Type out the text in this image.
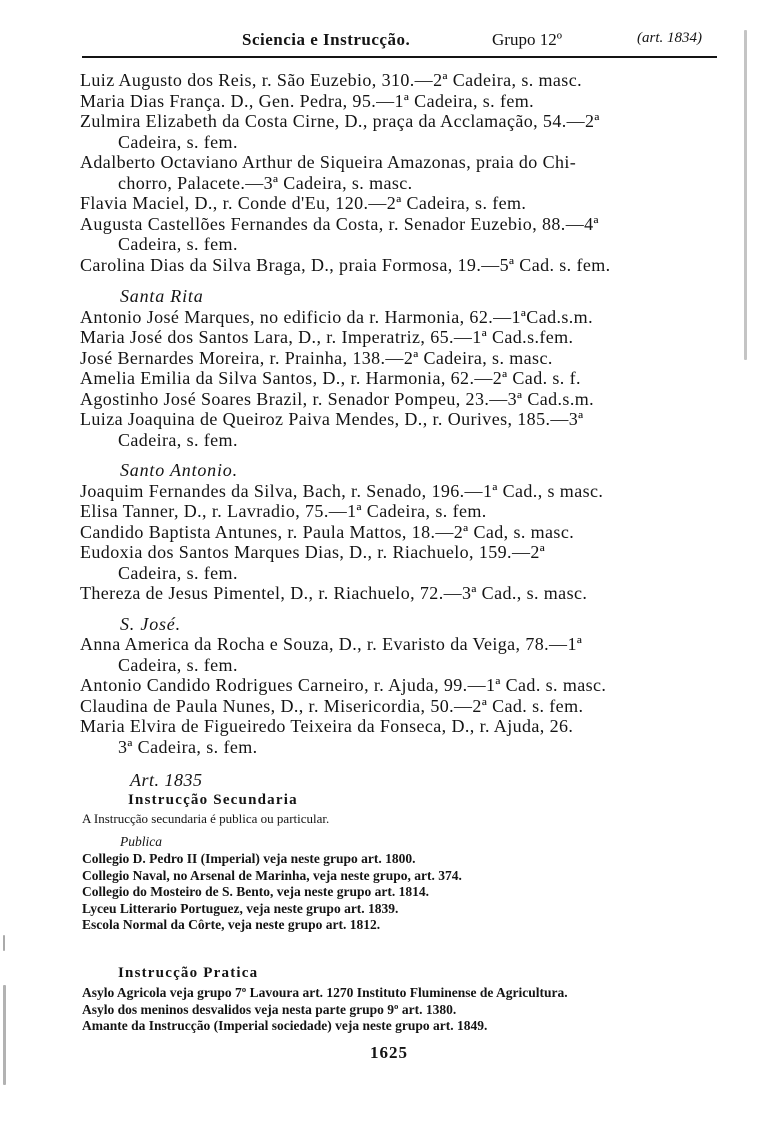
Sciencia e Instrucção.	Grupo 12º	(art. 1834)
Luiz Augusto dos Reis, r. São Euzebio, 310.—2ª Cadeira, s. masc.
Maria Dias França. D., Gen. Pedra, 95.—1ª Cadeira, s. fem.
Zulmira Elizabeth da Costa Cirne, D., praça da Acclamação, 54.—2ª
Cadeira, s. fem.
Adalberto Octaviano Arthur de Siqueira Amazonas, praia do Chi-
chorro, Palacete.—3ª Cadeira, s. masc.
Flavia Maciel, D., r. Conde d'Eu, 120.—2ª Cadeira, s. fem.
Augusta Castellões Fernandes da Costa, r. Senador Euzebio, 88.—4ª
Cadeira, s. fem.
Carolina Dias da Silva Braga, D., praia Formosa, 19.—5ª Cad. s. fem.
Santa Rita
Antonio José Marques, no edificio da r. Harmonia, 62.—1ªCad.s.m.
Maria José dos Santos Lara, D., r. Imperatriz, 65.—1ª Cad.s.fem.
José Bernardes Moreira, r. Prainha, 138.—2ª Cadeira, s. masc.
Amelia Emilia da Silva Santos, D., r. Harmonia, 62.—2ª Cad. s. f.
Agostinho José Soares Brazil, r. Senador Pompeu, 23.—3ª Cad.s.m.
Luiza Joaquina de Queiroz Paiva Mendes, D., r. Ourives, 185.—3ª
Cadeira, s. fem.
Santo Antonio.
Joaquim Fernandes da Silva, Bach, r. Senado, 196.—1ª Cad., s masc.
Elisa Tanner, D., r. Lavradio, 75.—1ª Cadeira, s. fem.
Candido Baptista Antunes, r. Paula Mattos, 18.—2ª Cad, s. masc.
Eudoxia dos Santos Marques Dias, D., r. Riachuelo, 159.—2ª
Cadeira, s. fem.
Thereza de Jesus Pimentel, D., r. Riachuelo, 72.—3ª Cad., s. masc.
S. José.
Anna America da Rocha e Souza, D., r. Evaristo da Veiga, 78.—1ª
Cadeira, s. fem.
Antonio Candido Rodrigues Carneiro, r. Ajuda, 99.—1ª Cad. s. masc.
Claudina de Paula Nunes, D., r. Misericordia, 50.—2ª Cad. s. fem.
Maria Elvira de Figueiredo Teixeira da Fonseca, D., r. Ajuda, 26.
3ª Cadeira, s. fem.
Art. 1835
Instrucção Secundaria
A Instrucção secundaria é publica ou particular.
Publica
Collegio D. Pedro II (Imperial) veja neste grupo art. 1800.
Collegio Naval, no Arsenal de Marinha, veja neste grupo, art. 374.
Collegio do Mosteiro de S. Bento, veja neste grupo art. 1814.
Lyceu Litterario Portuguez, veja neste grupo art. 1839.
Escola Normal da Côrte, veja neste grupo art. 1812.
Instrucção Pratica
Asylo Agricola veja grupo 7º Lavoura art. 1270 Instituto Fluminense de Agricultura.
Asylo dos meninos desvalidos veja nesta parte grupo 9º art. 1380.
Amante da Instrucção (Imperial sociedade) veja neste grupo art. 1849.
1625
